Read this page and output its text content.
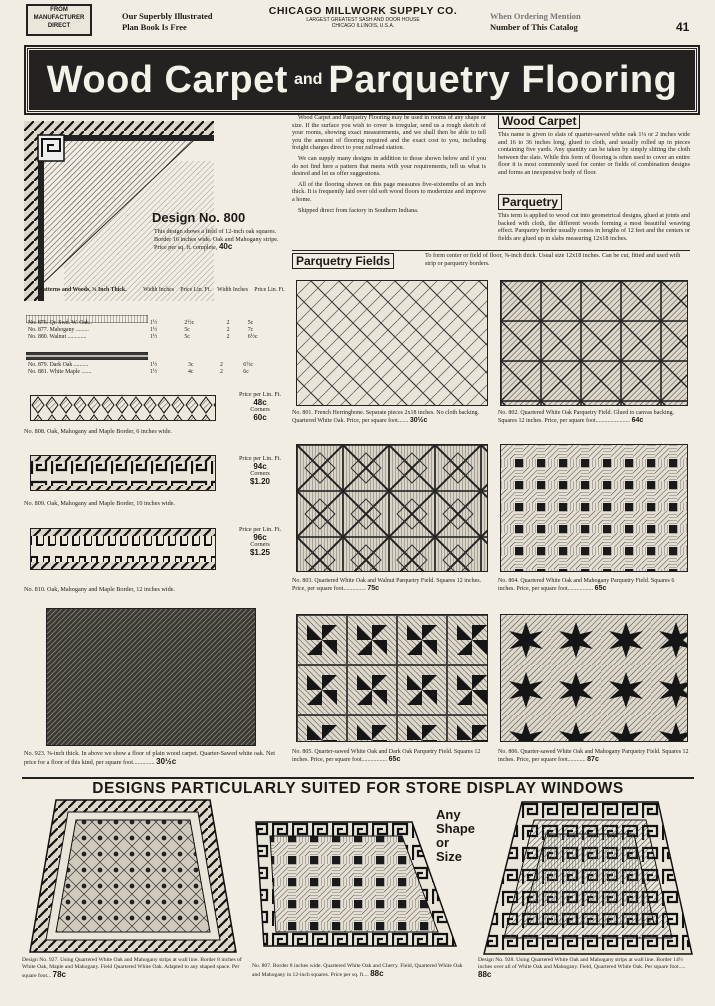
FROM MANUFACTURER DIRECT
Our Superbly Illustrated
Plan Book Is Free
CHICAGO MILLWORK SUPPLY CO.
LARGEST GREATEST SASH AND DOOR HOUSE
CHICAGO ILLINOIS, U.S.A.
When Ordering Mention
Number of This Catalog	41
Wood Carpet and Parquetry Flooring
Design No. 800
This design shows a field of 12-inch oak squares. Border 16 inches wide. Oak and Mahogany stripe. Price per sq. ft. complete, 40c
Patterns and Woods, ⅝ Inch Thick.	Width Inches	Price Lin. Ft.	Width Inches	Price Lin. Ft.
No. 876. Qr. Swd. W. Oak..	1½	2½c	2	5c
No. 877. Mahogany .........	1½	5c	2	7c
No. 880. Walnut .............	1½	5c	2	6½c
No. 879. Dark Oak ..........	1½	3c	2	6½c
No. 881. White Maple .......	1½	4c	2	6c
No. 808. Oak, Mahogany and Maple Border, 6 inches wide.
Price per Lin. Ft.
48c
Corners
60c
No. 809. Oak, Mahogany and Maple Border, 10 inches wide.
Price per Lin. Ft.
94c
Corners
$1.20
No. 810. Oak, Mahogany and Maple Border, 12 inches wide.
Price per Lin. Ft.
96c
Corners
$1.25
No. 923. ⅝-inch thick. In above we show a floor of plain wood carpet. Quarter-Sawed white oak. Net price for a floor of this kind, per square foot.............. 30½c

Wood Carpet and Parquetry Flooring may be used in rooms of any shape or size. If the surface you wish to cover is irregular, send us a rough sketch of your rooms, showing exact measurements, and we shall then be able to tell you the amount of flooring required and the exact cost to you, including freight charges direct to your railroad station.

We can supply many designs in addition to those shown below and if you do not find here a pattern that meets with your requirements, tell us what is desired and let us offer suggestions.

All of the flooring shown on this page measures five-sixteenths of an inch thick. It is frequently laid over old soft wood floors to modernize and improve a home.

Shipped direct from factory in Southern Indiana.

Wood Carpet
This name is given to slats of quarter-sawed white oak 1¼ or 2 inches wide and 16 to 36 inches long, glued to cloth, and usually rolled up in pieces containing five yards. Any quantity can be taken by simply slitting the cloth between the slats. While this form of flooring is often used to cover an entire floor it is most commonly used for center or fields of combination designs and forms an inexpensive body of floor.
Parquetry
This term is applied to wood cut into geometrical designs, glued at joints and backed with cloth, the different woods forming a most beautiful weaving effect. Parquetry border usually comes in lengths of 12 feet and the centers or fields are glued up in slabs measuring 12x18 inches.
Parquetry Fields	To form center or field of floor, ⅝-inch thick. Usual size 12x18 inches. Can be cut, fitted and used with strip or parquetry borders.
No. 801. French Herringbone. Separate pieces 2x18 inches. No cloth backing. Quartered White Oak. Price, per square foot....... 30½c
No. 802. Quartered White Oak Parquetry Field. Glued to canvas backing. Squares 12 inches. Price, per square foot....................... 64c
No. 803. Quartered White Oak and Walnut Parquetry Field. Squares 12 inches. Price, per square foot............... 75c
No. 804. Quartered White Oak and Mahogany Parquetry Field. Squares 6 inches. Price, per square foot................. 65c
No. 805. Quarter-sawed White Oak and Dark Oak Parquetry Field. Squares 12 inches. Price, per square foot................. 65c
No. 806. Quarter-sawed White Oak and Mahogany Parquetry Field. Squares 12 inches. Price, per square foot............ 87c
DESIGNS PARTICULARLY SUITED FOR STORE DISPLAY WINDOWS
Any
Shape
or
Size
Design No. 927. Using Quartered White Oak and Mahogany strips at wall line. Border 8 inches of White Oak, Maple and Mahogany. Field Quartered White Oak. Adapted to any shaped space. Per square foot... 78c
No. 807. Border 8 inches wide. Quartered White Oak and Cherry. Field, Quartered White Oak and Mahogany in 12-inch squares. Price per sq. ft.... 88c
Design No. 928. Using Quartered White Oak and Mahogany strips at wall line. Border 14½ inches over all of White Oak and Mahogany. Field, Quartered White Oak. Per square foot..... 88c
